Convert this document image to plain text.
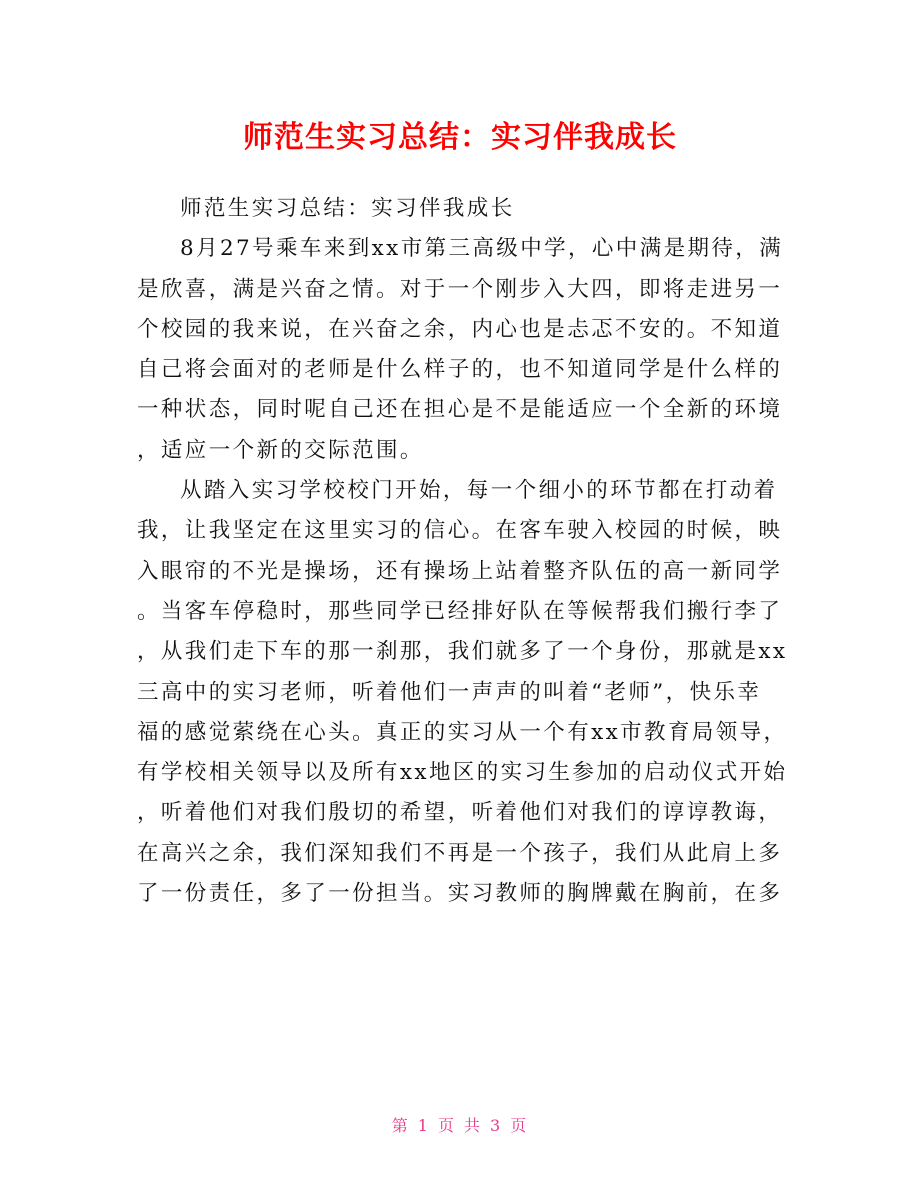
师范生实习总结：实习伴我成长
师范生实习总结：实习伴我成长
8月27号乘车来到xx市第三高级中学，心中满是期待，满
是欣喜，满是兴奋之情。对于一个刚步入大四，即将走进另一
个校园的我来说，在兴奋之余，内心也是忐忑不安的。不知道
自己将会面对的老师是什么样子的，也不知道同学是什么样的
一种状态，同时呢自己还在担心是不是能适应一个全新的环境
，适应一个新的交际范围。
从踏入实习学校校门开始，每一个细小的环节都在打动着
我，让我坚定在这里实习的信心。在客车驶入校园的时候，映
入眼帘的不光是操场，还有操场上站着整齐队伍的高一新同学
。当客车停稳时，那些同学已经排好队在等候帮我们搬行李了
，从我们走下车的那一刹那，我们就多了一个身份，那就是xx
三高中的实习老师，听着他们一声声的叫着“老师”，快乐幸
福的感觉萦绕在心头。真正的实习从一个有xx市教育局领导，
有学校相关领导以及所有xx地区的实习生参加的启动仪式开始
，听着他们对我们殷切的希望，听着他们对我们的谆谆教诲，
在高兴之余，我们深知我们不再是一个孩子，我们从此肩上多
了一份责任，多了一份担当。实习教师的胸牌戴在胸前，在多
第 1 页 共 3 页
